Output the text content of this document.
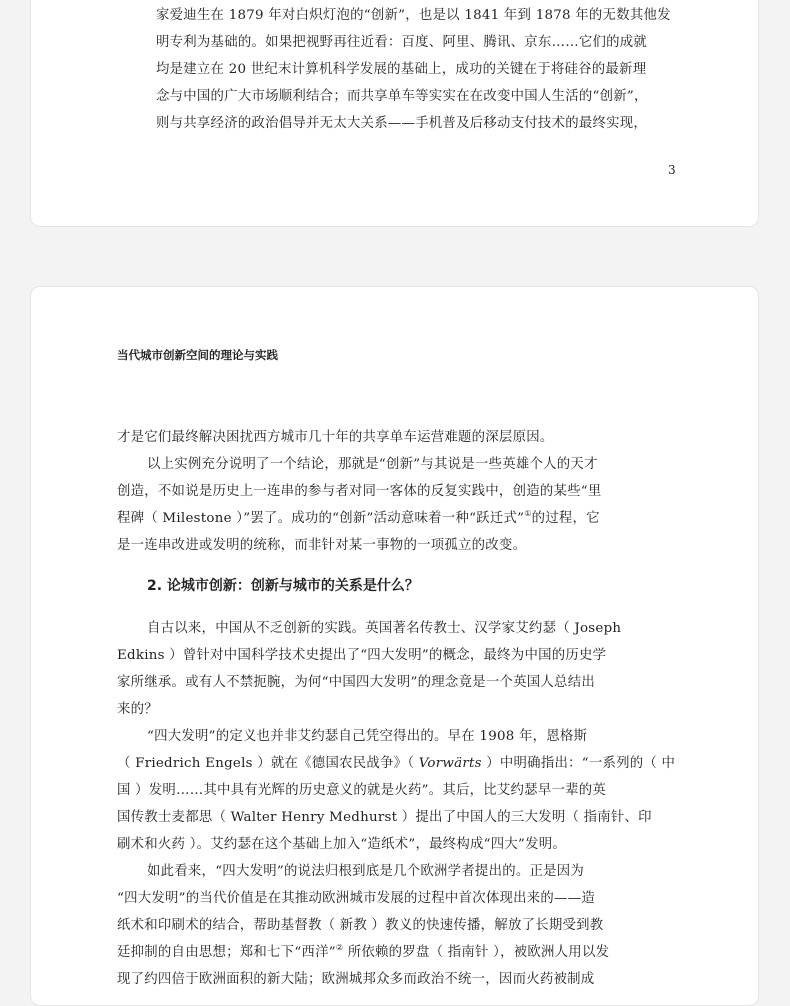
家爱迪生在 1879 年对白炽灯泡的“创新”，也是以 1841 年到 1878 年的无数其他发
明专利为基础的。如果把视野再往近看：百度、阿里、腾讯、京东……它们的成就
均是建立在 20 世纪末计算机科学发展的基础上，成功的关键在于将硅谷的最新理
念与中国的广大市场顺利结合；而共享单车等实实在在改变中国人生活的“创新”，
则与共享经济的政治倡导并无太大关系——手机普及后移动支付技术的最终实现，
3
当代城市创新空间的理论与实践
才是它们最终解决困扰西方城市几十年的共享单车运营难题的深层原因。
以上实例充分说明了一个结论，那就是“创新”与其说是一些英雄个人的天才
创造，不如说是历史上一连串的参与者对同一客体的反复实践中，创造的某些“里
程碑（ Milestone ）”罢了。成功的“创新”活动意味着一种“跃迁式”①的过程，它
是一连串改进或发明的统称，而非针对某一事物的一项孤立的改变。
2. 论城市创新：创新与城市的关系是什么？
自古以来，中国从不乏创新的实践。英国著名传教士、汉学家艾约瑟（ Joseph
Edkins ）曾针对中国科学技术史提出了“四大发明”的概念，最终为中国的历史学
家所继承。或有人不禁扼腕，为何“中国四大发明”的理念竟是一个英国人总结出
来的？
“四大发明”的定义也并非艾约瑟自己凭空得出的。早在 1908 年，恩格斯
（ Friedrich Engels ）就在《德国农民战争》（ Vorwärts ）中明确指出：“一系列的（ 中
国 ）发明……其中具有光辉的历史意义的就是火药”。其后，比艾约瑟早一辈的英
国传教士麦都思（ Walter Henry Medhurst ）提出了中国人的三大发明（ 指南针、印
刷术和火药 ）。艾约瑟在这个基础上加入“造纸术”，最终构成“四大”发明。
如此看来，“四大发明”的说法归根到底是几个欧洲学者提出的。正是因为
“四大发明”的当代价值是在其推动欧洲城市发展的过程中首次体现出来的——造
纸术和印刷术的结合，帮助基督教（ 新教 ）教义的快速传播，解放了长期受到教
廷抑制的自由思想；郑和七下“西洋”② 所依赖的罗盘（ 指南针 ），被欧洲人用以发
现了约四倍于欧洲面积的新大陆；欧洲城邦众多而政治不统一，因而火药被制成
